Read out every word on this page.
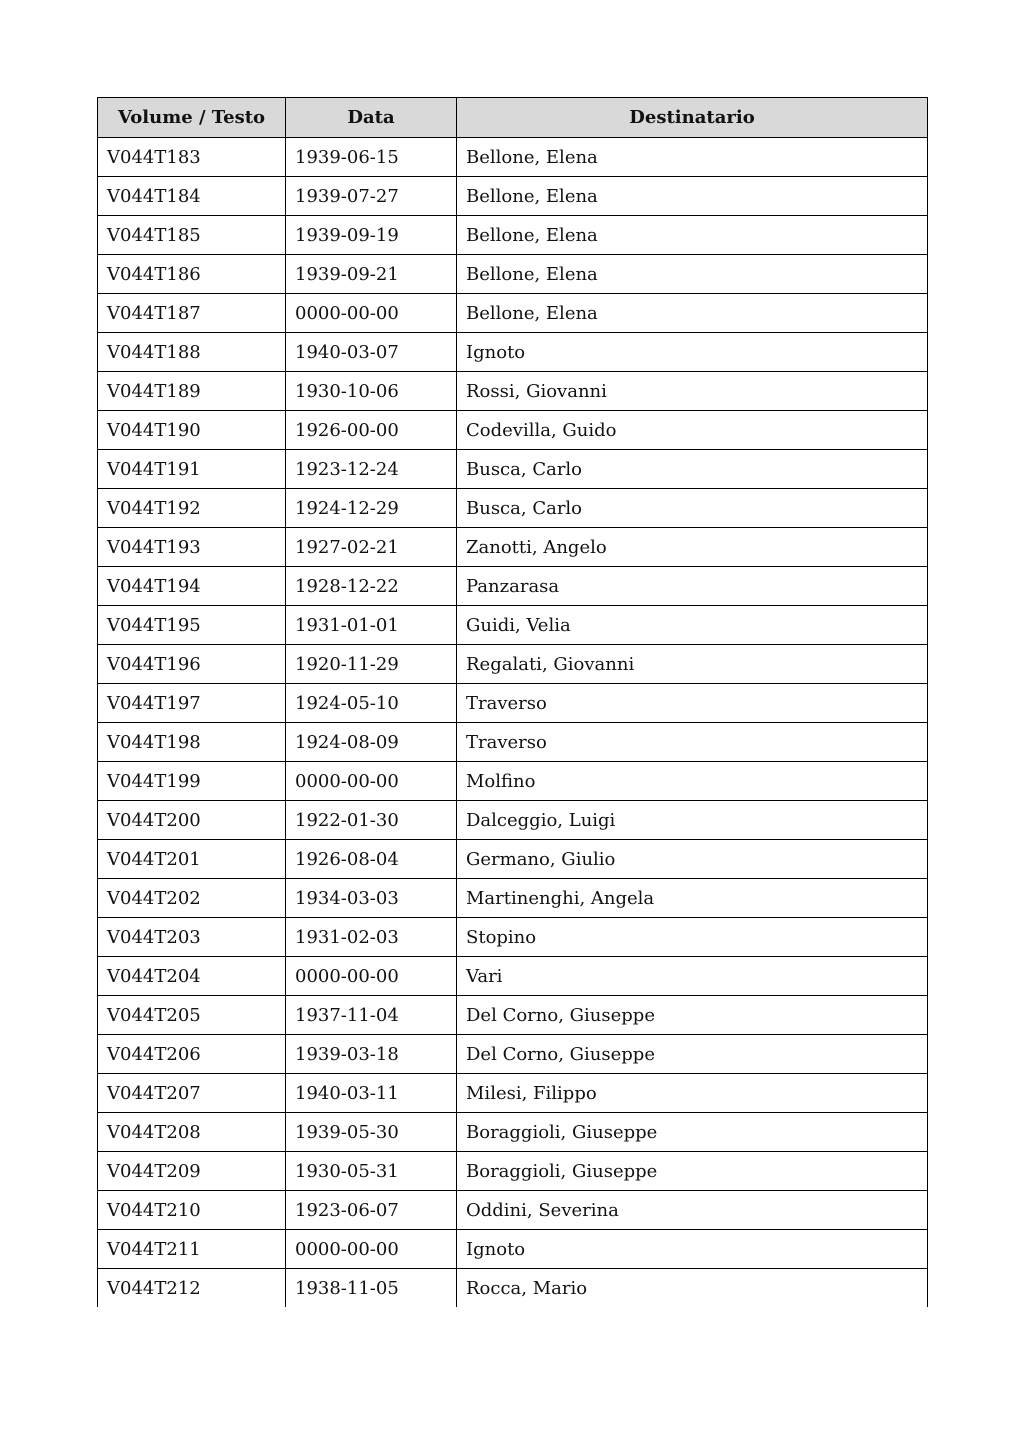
Volume / Testo	Data	Destinatario
V044T183	1939-06-15	Bellone, Elena
V044T184	1939-07-27	Bellone, Elena
V044T185	1939-09-19	Bellone, Elena
V044T186	1939-09-21	Bellone, Elena
V044T187	0000-00-00	Bellone, Elena
V044T188	1940-03-07	Ignoto
V044T189	1930-10-06	Rossi, Giovanni
V044T190	1926-00-00	Codevilla, Guido
V044T191	1923-12-24	Busca, Carlo
V044T192	1924-12-29	Busca, Carlo
V044T193	1927-02-21	Zanotti, Angelo
V044T194	1928-12-22	Panzarasa
V044T195	1931-01-01	Guidi, Velia
V044T196	1920-11-29	Regalati, Giovanni
V044T197	1924-05-10	Traverso
V044T198	1924-08-09	Traverso
V044T199	0000-00-00	Molfino
V044T200	1922-01-30	Dalceggio, Luigi
V044T201	1926-08-04	Germano, Giulio
V044T202	1934-03-03	Martinenghi, Angela
V044T203	1931-02-03	Stopino
V044T204	0000-00-00	Vari
V044T205	1937-11-04	Del Corno, Giuseppe
V044T206	1939-03-18	Del Corno, Giuseppe
V044T207	1940-03-11	Milesi, Filippo
V044T208	1939-05-30	Boraggioli, Giuseppe
V044T209	1930-05-31	Boraggioli, Giuseppe
V044T210	1923-06-07	Oddini, Severina
V044T211	0000-00-00	Ignoto
V044T212	1938-11-05	Rocca, Mario
